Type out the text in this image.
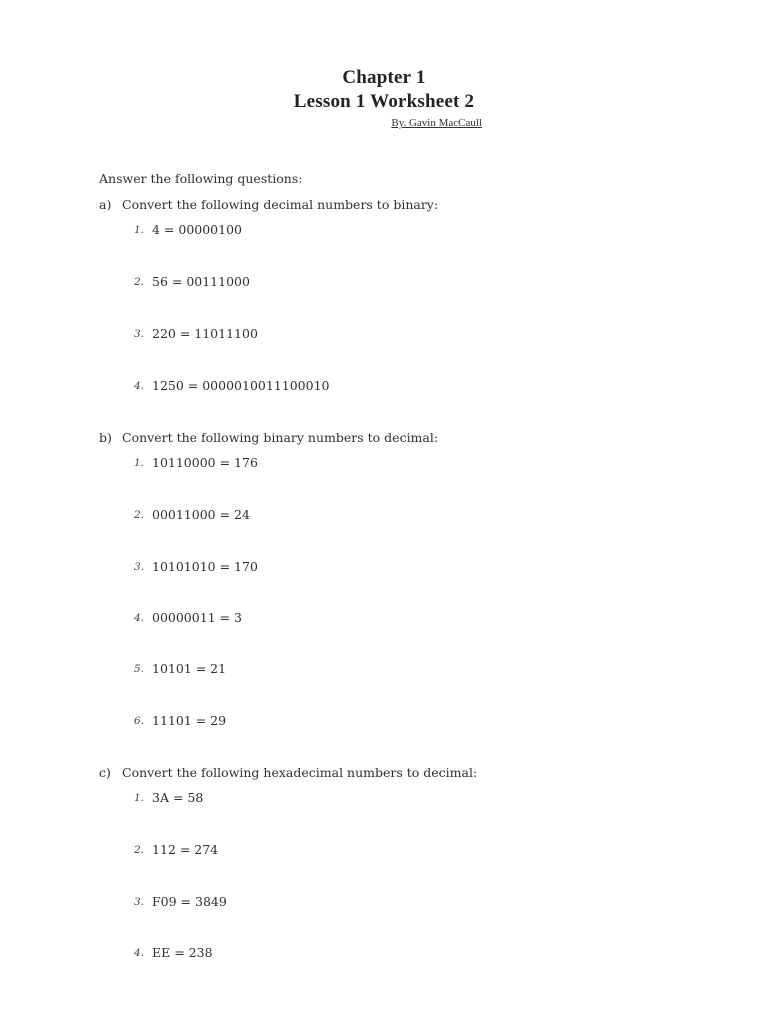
Chapter 1
Lesson 1 Worksheet 2
By. Gavin MacCaull
Answer the following questions:
a) Convert the following decimal numbers to binary:
1. 4 = 00000100
2. 56 = 00111000
3. 220 = 11011100
4. 1250 = 0000010011100010
b) Convert the following binary numbers to decimal:
1. 10110000 = 176
2. 00011000 = 24
3. 10101010 = 170
4. 00000011 = 3
5. 10101 = 21
6. 11101 = 29
c) Convert the following hexadecimal numbers to decimal:
1. 3A = 58
2. 112 = 274
3. F09 = 3849
4. EE = 238
